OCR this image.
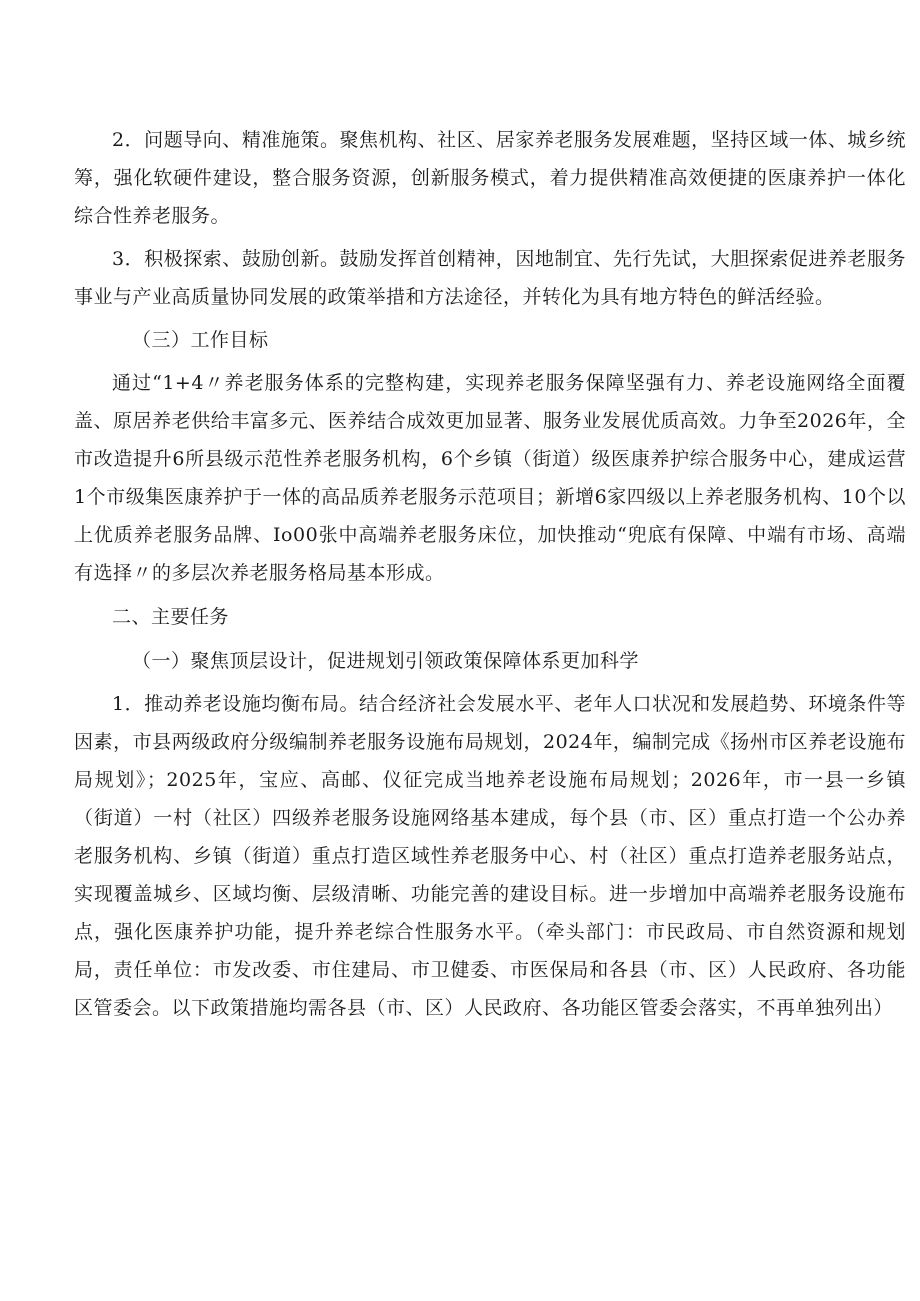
2．问题导向、精准施策。聚焦机构、社区、居家养老服务发展难题，坚持区域一体、城乡统筹，强化软硬件建设，整合服务资源，创新服务模式，着力提供精准高效便捷的医康养护一体化综合性养老服务。

3．积极探索、鼓励创新。鼓励发挥首创精神，因地制宜、先行先试，大胆探索促进养老服务事业与产业高质量协同发展的政策举措和方法途径，并转化为具有地方特色的鲜活经验。

（三）工作目标

通过“1+4〃养老服务体系的完整构建，实现养老服务保障坚强有力、养老设施网络全面覆盖、原居养老供给丰富多元、医养结合成效更加显著、服务业发展优质高效。力争至2026年，全市改造提升6所县级示范性养老服务机构，6个乡镇（街道）级医康养护综合服务中心，建成运营1个市级集医康养护于一体的高品质养老服务示范项目；新增6家四级以上养老服务机构、10个以上优质养老服务品牌、Io00张中高端养老服务床位，加快推动“兜底有保障、中端有市场、高端有选择〃的多层次养老服务格局基本形成。

二、主要任务

（一）聚焦顶层设计，促进规划引领政策保障体系更加科学

1．推动养老设施均衡布局。结合经济社会发展水平、老年人口状况和发展趋势、环境条件等因素，市县两级政府分级编制养老服务设施布局规划，2024年，编制完成《扬州市区养老设施布局规划》；2025年，宝应、高邮、仪征完成当地养老设施布局规划；2026年，市一县一乡镇（街道）一村（社区）四级养老服务设施网络基本建成，每个县（市、区）重点打造一个公办养老服务机构、乡镇（街道）重点打造区域性养老服务中心、村（社区）重点打造养老服务站点，实现覆盖城乡、区域均衡、层级清晰、功能完善的建设目标。进一步增加中高端养老服务设施布点，强化医康养护功能，提升养老综合性服务水平。（牵头部门：市民政局、市自然资源和规划局，责任单位：市发改委、市住建局、市卫健委、市医保局和各县（市、区）人民政府、各功能区管委会。以下政策措施均需各县（市、区）人民政府、各功能区管委会落实，不再单独列出）
